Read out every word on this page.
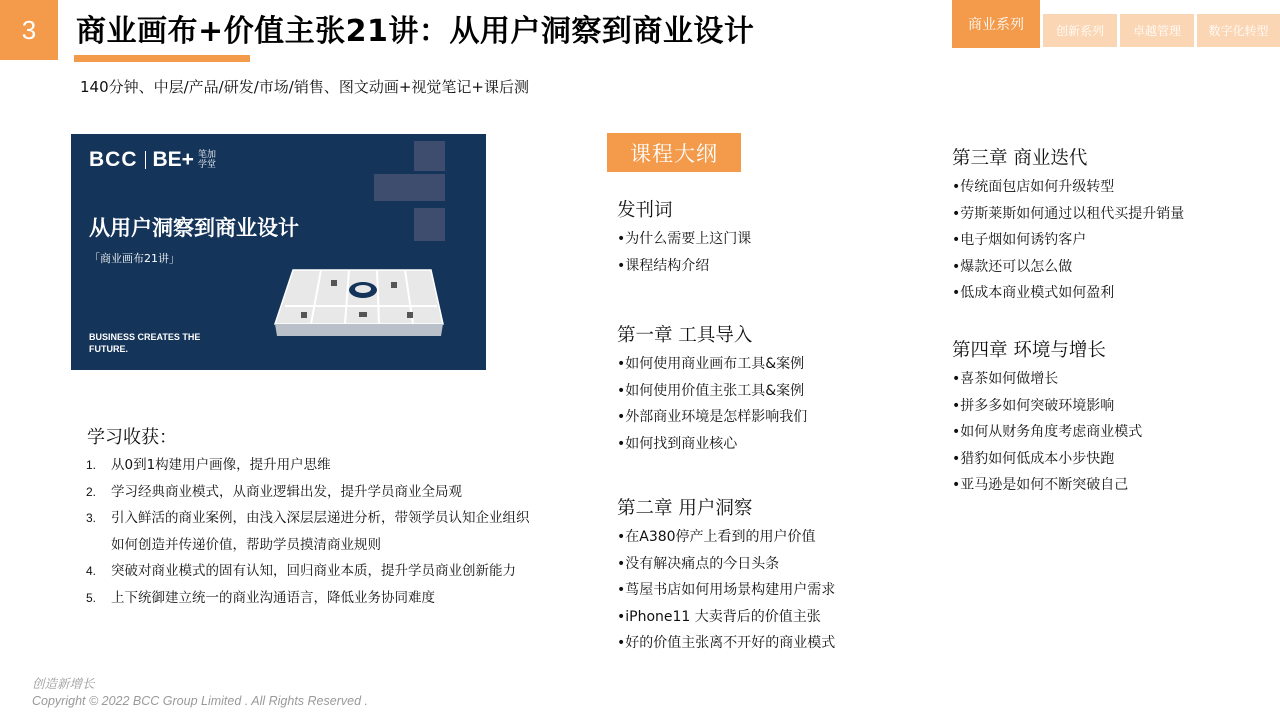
3	商业画布+价值主张21讲：从用户洞察到商业设计	商业系列	创新系列	卓越管理	数字化转型
140分钟、中层/产品/研发/市场/销售、图文动画+视觉笔记+课后测
BCC BE+ 笔加 学堂
从用户洞察到商业设计
「商业画布21讲」
BUSINESS CREATES THE FUTURE.
学习收获：
1. 从0到1构建用户画像，提升用户思维
2. 学习经典商业模式，从商业逻辑出发，提升学员商业全局观
3. 引入鲜活的商业案例，由浅入深层层递进分析，带领学员认知企业组织如何创造并传递价值，帮助学员摸清商业规则
4. 突破对商业模式的固有认知，回归商业本质，提升学员商业创新能力
5. 上下统御建立统一的商业沟通语言，降低业务协同难度
课程大纲
发刊词
•为什么需要上这门课
•课程结构介绍
第一章 工具导入
•如何使用商业画布工具&案例
•如何使用价值主张工具&案例
•外部商业环境是怎样影响我们
•如何找到商业核心
第二章 用户洞察
•在A380停产上看到的用户价值
•没有解决痛点的今日头条
•茑屋书店如何用场景构建用户需求
•iPhone11 大卖背后的价值主张
•好的价值主张离不开好的商业模式
第三章 商业迭代
•传统面包店如何升级转型
•劳斯莱斯如何通过以租代买提升销量
•电子烟如何诱钓客户
•爆款还可以怎么做
•低成本商业模式如何盈利
第四章 环境与增长
•喜茶如何做增长
•拼多多如何突破环境影响
•如何从财务角度考虑商业模式
•猎豹如何低成本小步快跑
•亚马逊是如何不断突破自己
创造新增长
Copyright © 2022 BCC Group Limited . All Rights Reserved .
